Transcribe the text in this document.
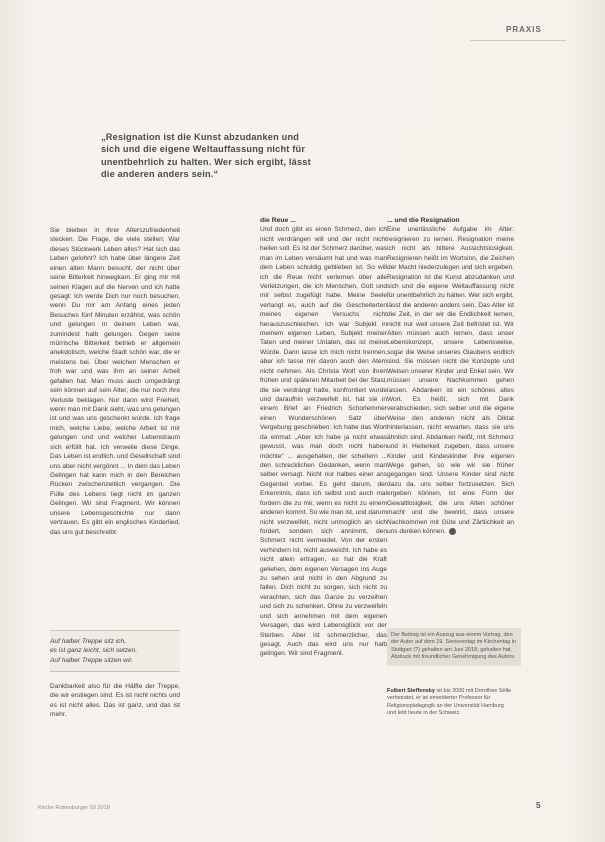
PRAXIS
„Resignation ist die Kunst abzudanken und sich und die eigene Weltauffassung nicht für unentbehrlich zu halten. Wer sich ergibt, lässt die anderen anders sein.“

Sie bleiben in ihrer Alterszufriedenheit stecken. Die Frage, die viele stellen: War dieses Stückwerk Leben alles? Hat sich das Leben gelohnt? Ich habe über längere Zeit einen alten Mann besucht, der nicht über seine Bitterkeit hinwegkam. Er ging mir mit seinen Klagen auf die Nerven und ich hatte gesagt: Ich werde Dich nur noch besuchen, wenn Du mir am Anfang eines jeden Besuches fünf Minuten erzählst, was schön und gelungen in deinem Leben war, zumindest halb gelungen. Gegen seine mürrische Bitterkeit betrieb er allgemein anekdotisch, welche Stadt schön war, die er meistens bei. Über welchen Menschen er froh war und was ihm an seiner Arbeit gefallen hat. Man muss auch umgedrängt sein können auf sein Alter, die nur noch ihre Verluste beklagen. Nur dann wird Freiheit, wenn man mit Dank sieht, was uns gelungen ist und was uns geschenkt wurde. Ich frage mich, welche Liebe, welche Arbeit ist mir gelungen und und welcher Lebenstraum sich erfüllt hat. Ich verweile diese Dinge. Das Leben ist endlich, und Gesellschaft sind uns aber nicht vergönnt ... In dem das Leben Gelingen hat kann mich in den Bereichen Rücken zwischenzeitlich vergangen. Die Fülle des Lebens liegt nicht im ganzen Gelingen. Wir sind Fragment. Wir können unsere Lebensgeschichte nur dann vertrauen. Es gibt ein englisches Kinderlied, das uns gut beschreibt:

Auf halber Treppe sitz ich,

es ist ganz leicht, sich setzen.

Auf halber Treppe sitzen wir.

Dankbarkeit also für die Hälfte der Treppe, die wir erstiegen sind. Es ist nicht nichts und es ist nicht alles. Das ist ganz, und das ist mehr.

die Reue ...

Und doch gibt es einen Schmerz, den ich nicht verdrängen will und der nicht nicht heilen soll. Es ist der Schmerz darüber, was man im Leben versäumt hat und was man dem Leben schuldig geblieben ist. So will ich die Reue nicht verlernen über alle Verletzungen, die ich Menschen, Gott und mir selbst zugefügt habe. Meine Seele verlangt es, auch auf die Gescheiterten meines eigenen Versuchs nicht herauszuschleichen. Ich war Subjekt in meinem eigenen Leben, Subjekt meiner Taten und meiner Untaten, das ist meine Würde. Dann lasse ich mich nicht trennen, aber ich lasse mir davon auch den Atem nicht nehmen. Als Christa Wolf von ihren frühen und späteren Mitarbeit bei der Stasi, die sie verdrängt hatte, konfrontiert wurde und daraufhin verzweifelt ist, hat sie in einem Brief an Friedrich Schorlemmer einen Wunderschönen Satz über Vergebung geschrieben: Ich habe das Wort da einmal: „Aber ich habe ja nicht etwas gewusst, was man doch nicht haben möchte“ ... ausgehalten, der scheitern ... den schrecklichen Gedanken, wenn man selber versagt. Nicht nur halbes einer ans Gegenteil vorbei. Es geht darum, der Erkenntnis, dass ich selbst und auch mal fordern die zu mir, wenn es nicht zu einem anderen kommt. So wie man ist, und darum nicht verzweifelt, nicht unmoglich an sich fordert, sondern sich annimmt, den Schmerz nicht vermeidet. Von der ersten verhindern ist, nicht ausweicht. Ich habe es nicht allein ertragen, es hat die Kraft geliehen, dem eigenen Versagen ins Auge zu sehen und nicht in den Abgrund zu fallen. Dich nicht zu sorgen, sich nicht zu verachten, sich das Ganze zu verzeihen und sich zu schenken. Ohne zu verzweifeln und sich annehmen mit dem eigenen Versagen, das wird Lebensglück vor der Sterben. Aber ist schmerzlicher, das gesagt. Auch das wird uns nur halb gelingen. Wir sind Fragment.

... und die Resignation

Eine unerlässliche Aufgabe im Alter: resignieren zu lernen. Resignation meine ich nicht als bittere Aussichtslosigkeit. Resignieren heißt im Wortsinn, die Zeichen der Macht niederzulegen und sich ergeben. Resignation ist die Kunst abzudanken und sich und die eigene Weltauffassung nicht für unentbehrlich zu halten. Wer sich ergibt, lässt die anderen anders sein. Das Alter ist die Zeit, in der wir die Endlichkeit lernen, nicht nur weil unsere Zeit befristet ist. Wir Alten müssen auch lernen, dass unser Lebenskonzept, unsere Lebensweise, sogar die Weise unseres Glaubens endlich sind. Sie müssen nicht die Konzepte und Weisen unserer Kinder und Enkel sein. Wir müssen unsere Nachkommen gehen lassen. Abdanken ist ein schönes altes Wort. Es heißt, sich mit Dank verabschieden, sich selber und die eigene Weise den anderen nicht als Diktat hinterlassen, nicht erwarten, dass sie uns ähnlich sind. Abdanken heißt, mit Schmerz und in Heiterkeit zugeben, dass unsere Kinder und Kindeskinder ihre eigenen Wege gehen, so wie wir sie früher gegangen sind. Unsere Kinder sind nicht dazu da, uns selber fortzusetzen. Sich ergeben können, ist eine Form der Gewaltlosigkeit, die uns Alten schöner macht und die bewirkt, dass unsere Nachkommen mit Güte und Zärtlichkeit an uns denken können.

Der Beitrag ist ein Auszug aus einem Vortrag, den der Autor auf dem 19. Seniorentag im Kirchentag in Stuttgart (?) gehalten am Juni 2018, gehalten hat. Abdruck mit freundlicher Genehmigung des Autors.

Fulbert Steffensky ist bis 2000 mit Dorothee Sölle verheiratet, er ist emeritierter Professor für Religionspädagogik an der Universität Hamburg und lebt heute in der Schweiz.

Kirche Rottenburger 03 2018	5
